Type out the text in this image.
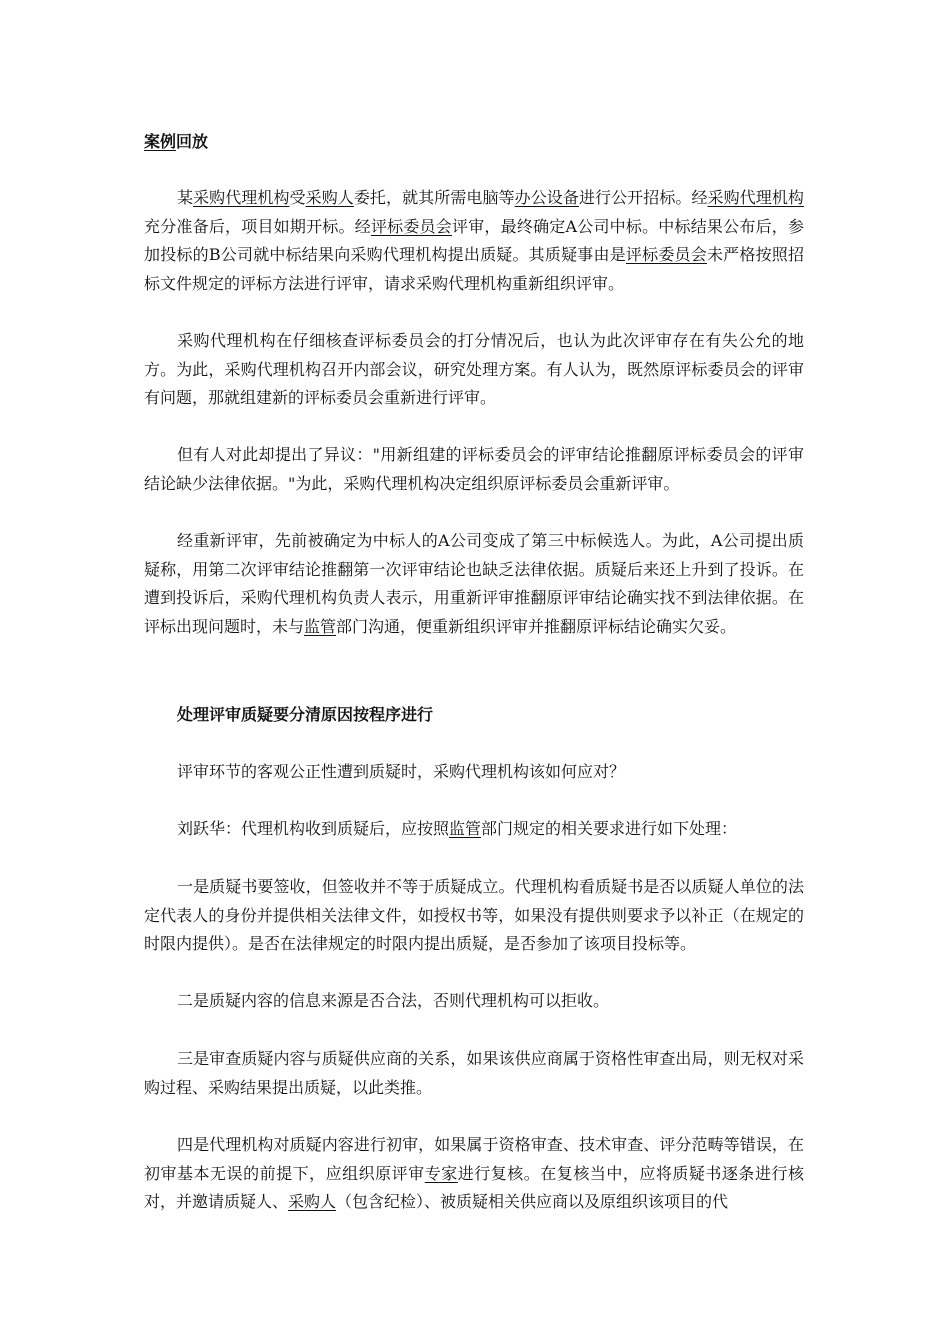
案例回放
某采购代理机构受采购人委托，就其所需电脑等办公设备进行公开招标。经采购代理机构充分准备后，项目如期开标。经评标委员会评审，最终确定A公司中标。中标结果公布后，参加投标的B公司就中标结果向采购代理机构提出质疑。其质疑事由是评标委员会未严格按照招标文件规定的评标方法进行评审，请求采购代理机构重新组织评审。
采购代理机构在仔细核查评标委员会的打分情况后，也认为此次评审存在有失公允的地方。为此，采购代理机构召开内部会议，研究处理方案。有人认为，既然原评标委员会的评审有问题，那就组建新的评标委员会重新进行评审。
但有人对此却提出了异议："用新组建的评标委员会的评审结论推翻原评标委员会的评审结论缺少法律依据。"为此，采购代理机构决定组织原评标委员会重新评审。
经重新评审，先前被确定为中标人的A公司变成了第三中标候选人。为此，A公司提出质疑称，用第二次评审结论推翻第一次评审结论也缺乏法律依据。质疑后来还上升到了投诉。在遭到投诉后，采购代理机构负责人表示，用重新评审推翻原评审结论确实找不到法律依据。在评标出现问题时，未与监管部门沟通，便重新组织评审并推翻原评标结论确实欠妥。
处理评审质疑要分清原因按程序进行
评审环节的客观公正性遭到质疑时，采购代理机构该如何应对？
刘跃华：代理机构收到质疑后，应按照监管部门规定的相关要求进行如下处理：
一是质疑书要签收，但签收并不等于质疑成立。代理机构看质疑书是否以质疑人单位的法定代表人的身份并提供相关法律文件，如授权书等，如果没有提供则要求予以补正（在规定的时限内提供）。是否在法律规定的时限内提出质疑，是否参加了该项目投标等。
二是质疑内容的信息来源是否合法，否则代理机构可以拒收。
三是审查质疑内容与质疑供应商的关系，如果该供应商属于资格性审查出局，则无权对采购过程、采购结果提出质疑，以此类推。
四是代理机构对质疑内容进行初审，如果属于资格审查、技术审查、评分范畴等错误，在初审基本无误的前提下，应组织原评审专家进行复核。在复核当中，应将质疑书逐条进行核对，并邀请质疑人、采购人（包含纪检）、被质疑相关供应商以及原组织该项目的代
